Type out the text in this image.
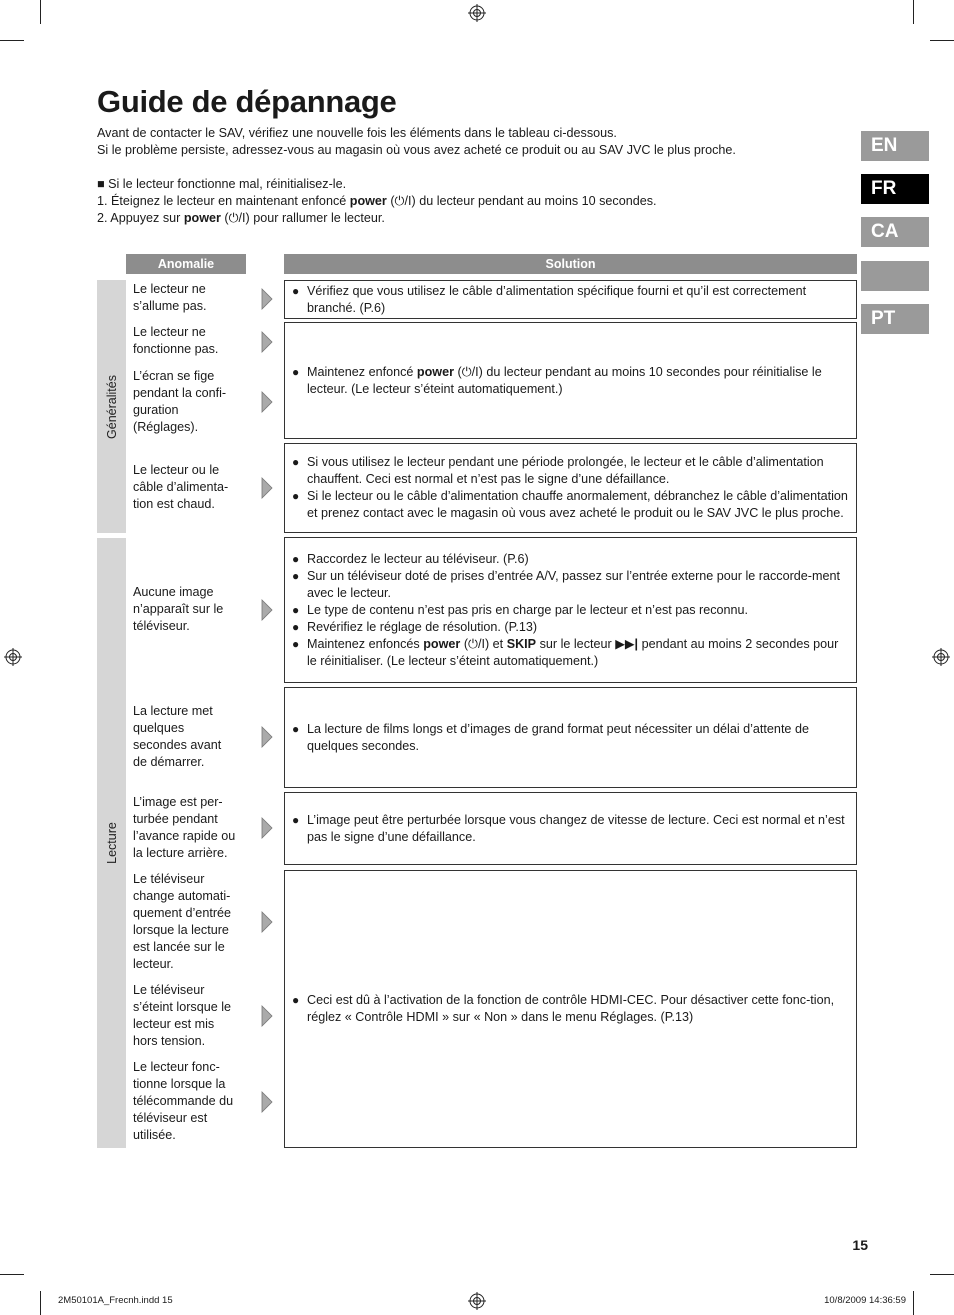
Guide de dépannage
Avant de contacter le SAV, vérifiez une nouvelle fois les éléments dans le tableau ci-dessous.
Si le problème persiste, adressez-vous au magasin où vous avez acheté ce produit ou au SAV JVC le plus proche.
■ Si le lecteur fonctionne mal, réinitialisez-le.
1. Éteignez le lecteur en maintenant enfoncé power (⏻/I) du lecteur pendant au moins 10 secondes.
2. Appuyez sur power (⏻/I) pour rallumer le lecteur.
EN
FR
CA
PT
Anomalie	Solution
Généralités
Lecture
Le lecteur ne s’allume pas.
Le lecteur ne fonctionne pas.
L’écran se fige pendant la confi-guration (Réglages).
Le lecteur ou le câble d’alimenta-tion est chaud.
Aucune image n’apparaît sur le téléviseur.
La lecture met quelques secondes avant de démarrer.
L’image est per-turbée pendant l’avance rapide ou la lecture arrière.
Le téléviseur change automati-quement d’entrée lorsque la lecture est lancée sur le lecteur.
Le téléviseur s’éteint lorsque le lecteur est mis hors tension.
Le lecteur fonc-tionne lorsque la télécommande du téléviseur est utilisée.
● Vérifiez que vous utilisez le câble d’alimentation spécifique fourni et qu’il est correctement branché. (P.6)
● Maintenez enfoncé power (⏻/I) du lecteur pendant au moins 10 secondes pour réinitialise le lecteur. (Le lecteur s’éteint automatiquement.)
● Si vous utilisez le lecteur pendant une période prolongée, le lecteur et le câble d’alimentation chauffent. Ceci est normal et n’est pas le signe d’une défaillance.
● Si le lecteur ou le câble d’alimentation chauffe anormalement, débranchez le câble d’alimentation et prenez contact avec le magasin où vous avez acheté le produit ou le SAV JVC le plus proche.
● Raccordez le lecteur au téléviseur. (P.6)
● Sur un téléviseur doté de prises d’entrée A/V, passez sur l’entrée externe pour le raccorde-ment avec le lecteur.
● Le type de contenu n’est pas pris en charge par le lecteur et n’est pas reconnu.
● Revérifiez le réglage de résolution. (P.13)
● Maintenez enfoncés power (⏻/I) et SKIP sur le lecteur ▶▶| pendant au moins 2 secondes pour le réinitialiser. (Le lecteur s’éteint automatiquement.)
● La lecture de films longs et d’images de grand format peut nécessiter un délai d’attente de quelques secondes.
● L’image peut être perturbée lorsque vous changez de vitesse de lecture. Ceci est normal et n’est pas le signe d’une défaillance.
● Ceci est dû à l’activation de la fonction de contrôle HDMI-CEC. Pour désactiver cette fonc-tion, réglez « Contrôle HDMI » sur « Non » dans le menu Réglages. (P.13)
15
2M50101A_Frecnh.indd 15	10/8/2009 14:36:59
